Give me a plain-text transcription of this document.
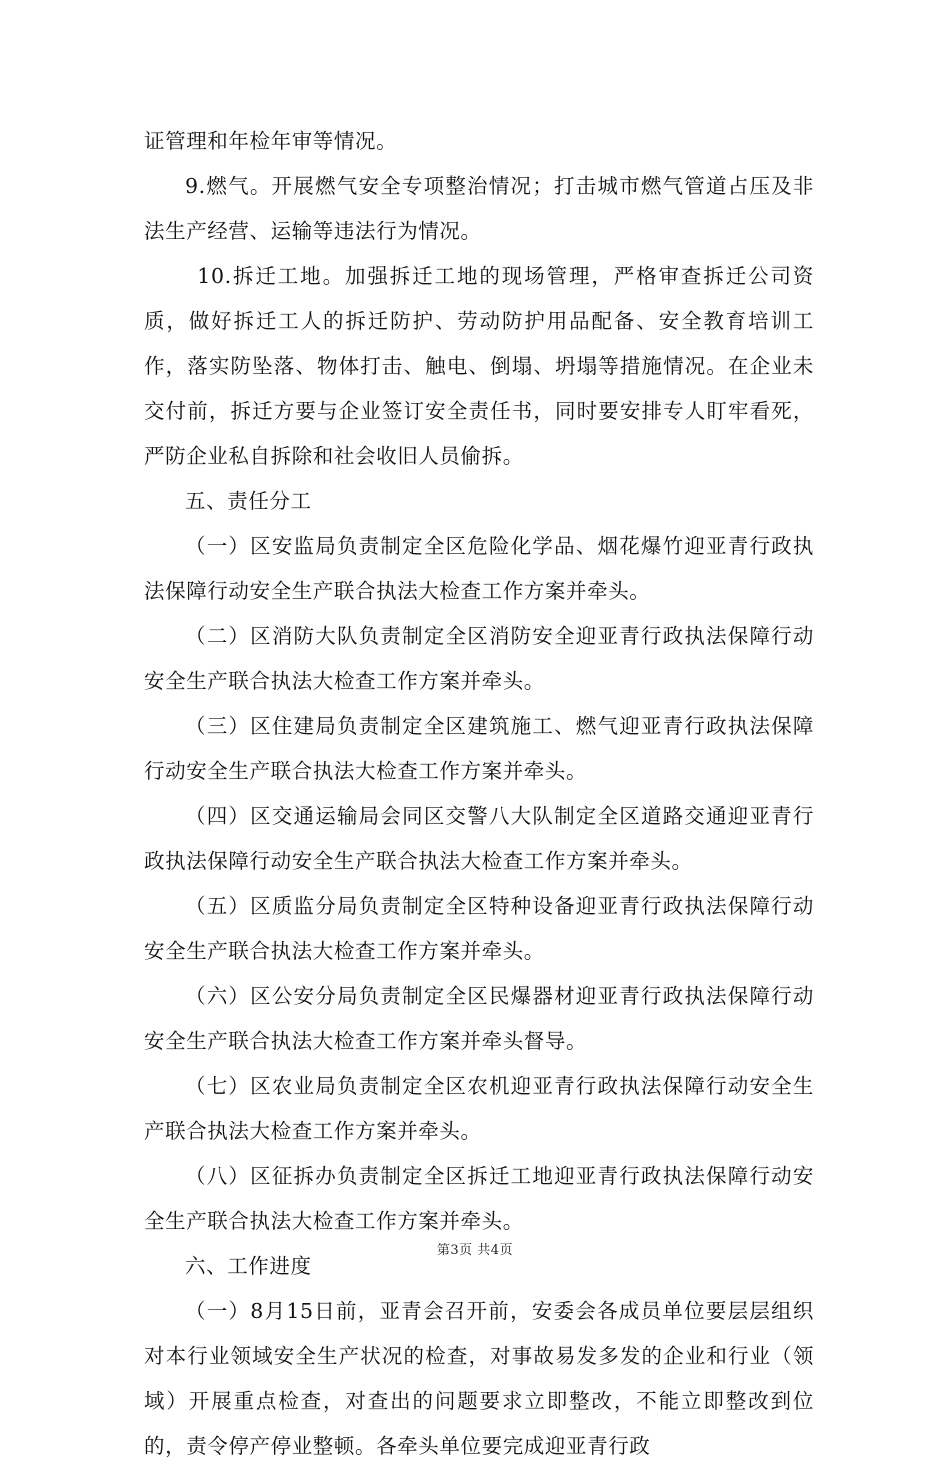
证管理和年检年审等情况。

9.燃气。开展燃气安全专项整治情况；打击城市燃气管道占压及非法生产经营、运输等违法行为情况。

10.拆迁工地。加强拆迁工地的现场管理，严格审查拆迁公司资质，做好拆迁工人的拆迁防护、劳动防护用品配备、安全教育培训工作，落实防坠落、物体打击、触电、倒塌、坍塌等措施情况。在企业未交付前，拆迁方要与企业签订安全责任书，同时要安排专人盯牢看死，严防企业私自拆除和社会收旧人员偷拆。

五、责任分工

（一）区安监局负责制定全区危险化学品、烟花爆竹迎亚青行政执法保障行动安全生产联合执法大检查工作方案并牵头。

（二）区消防大队负责制定全区消防安全迎亚青行政执法保障行动安全生产联合执法大检查工作方案并牵头。

（三）区住建局负责制定全区建筑施工、燃气迎亚青行政执法保障行动安全生产联合执法大检查工作方案并牵头。

（四）区交通运输局会同区交警八大队制定全区道路交通迎亚青行政执法保障行动安全生产联合执法大检查工作方案并牵头。

（五）区质监分局负责制定全区特种设备迎亚青行政执法保障行动安全生产联合执法大检查工作方案并牵头。

（六）区公安分局负责制定全区民爆器材迎亚青行政执法保障行动安全生产联合执法大检查工作方案并牵头督导。

（七）区农业局负责制定全区农机迎亚青行政执法保障行动安全生产联合执法大检查工作方案并牵头。

（八）区征拆办负责制定全区拆迁工地迎亚青行政执法保障行动安全生产联合执法大检查工作方案并牵头。

六、工作进度

（一）8月15日前，亚青会召开前，安委会各成员单位要层层组织对本行业领域安全生产状况的检查，对事故易发多发的企业和行业（领域）开展重点检查，对查出的问题要求立即整改，不能立即整改到位的，责令停产停业整顿。各牵头单位要完成迎亚青行政

第3页 共4页
